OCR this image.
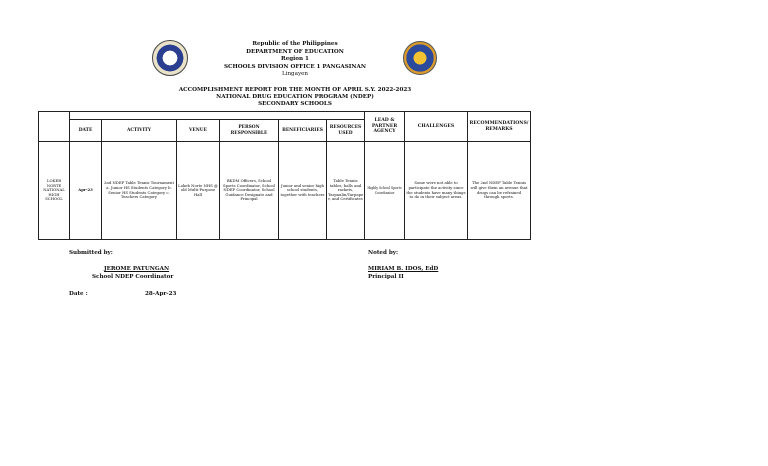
Republic of the Philippines
DEPARTMENT OF EDUCATION
Region 1
SCHOOLS DIVISION OFFICE 1 PANGASINAN
Lingayen
ACCOMPLISHMENT REPORT FOR THE MONTH OF APRIL S.Y. 2022-2023
NATIONAL DRUG EDUCATION PROGRAM (NDEP)
SECONDARY SCHOOLS
							LEAD & PARTNER AGENCY	CHALLENGES	RECOMMENDATIONS/ REMARKS
	DATE	ACTIVITY	VENUE	PERSON RESPONSIBLE	BENEFICIARIES	RESOURCES USED			
LOKEB NORTE NATIONAL HIGH SCHOOL	Apr-23	2nd NDEP Table Tennis Tournament a. Junior HS Students Category b. Senior HS Students Category c. Teachers Category	Lokeb Norte NHS @ old Multi-Purpose Hall	BKDM Officers, School Sports Coordinator, School NDEP Coordinator, School Guidance Designate and Principal	Junior and senior high school students, together with teachers	Table Tennis tables, balls and rackets, Tarpaulin/Tarpape r, and Certificates	Highly School Sports Coordinator	Some were not able to participate the activity since the students have many things to do in their subject areas.	The 2nd NDEP Table Tennis will give them an avenue that drugs can be refrained through sports.
Submitted by:
JEROME PATUNGAN
School NDEP Coordinator
Noted by:
MIRIAM B. IDOS, EdD
Principal II
Date :	28-Apr-23
